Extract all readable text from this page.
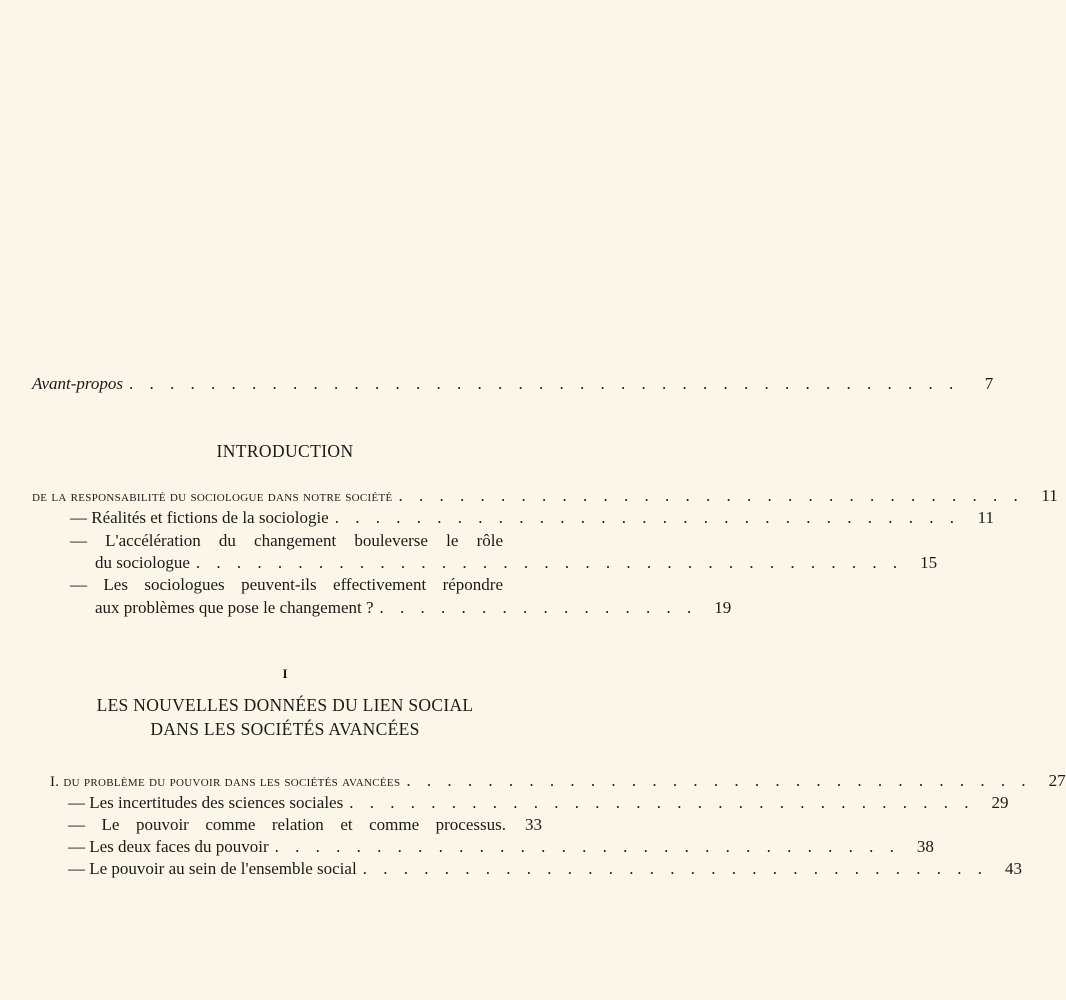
Avant-propos . . . . . . . . . . . . . . . . . . . . . . . . . . . . . . . . . . . . . . . . .	7
INTRODUCTION
de la responsabilité du sociologue dans notre société . . . . . . . . . . . . . . . . . . . . . . . . . . . . . . .	11
— Réalités et fictions de la sociologie . . . . . . . . . . . . . . . . . . . . . . . . . . . . . . .	11
— L'accélération du changement bouleverse le rôle
du sociologue . . . . . . . . . . . . . . . . . . . . . . . . . . . . . . . . . . .	15
— Les sociologues peuvent-ils effectivement répondre
aux problèmes que pose le changement ? . . . . . . . . . . . . . . . .	19
I
LES NOUVELLES DONNÉES DU LIEN SOCIAL
DANS LES SOCIÉTÉS AVANCÉES
I. du problème du pouvoir dans les sociétés avancées . . . . . . . . . . . . . . . . . . . . . . . . . . . . . . .	27
— Les incertitudes des sciences sociales . . . . . . . . . . . . . . . . . . . . . . . . . . . . . . .	29
— Le pouvoir comme relation et comme processus.	33
— Les deux faces du pouvoir . . . . . . . . . . . . . . . . . . . . . . . . . . . . . . .	38
— Le pouvoir au sein de l'ensemble social . . . . . . . . . . . . . . . . . . . . . . . . . . . . . . .	43
